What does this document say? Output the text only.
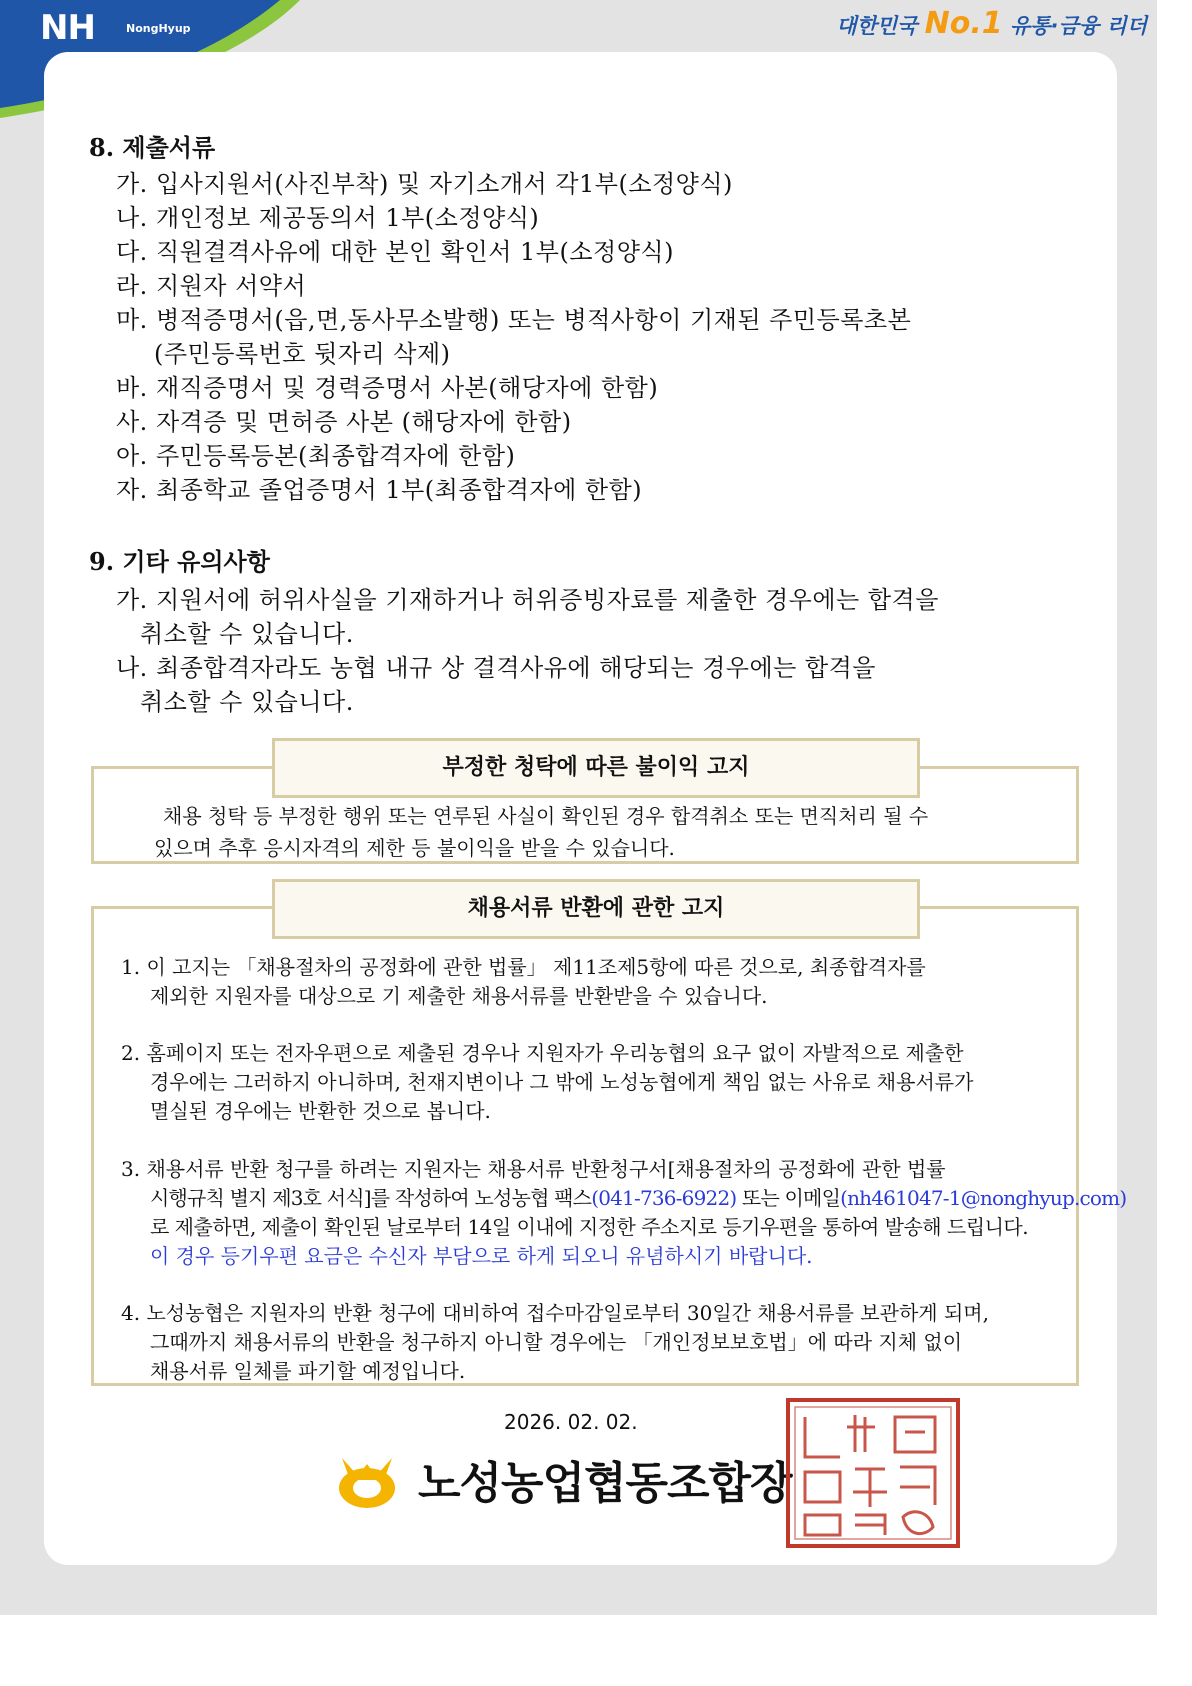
NH	NongHyup	대한민국 No.1 유통·금융 리더
8. 제출서류
가. 입사지원서(사진부착) 및 자기소개서 각1부(소정양식)
나. 개인정보 제공동의서 1부(소정양식)
다. 직원결격사유에 대한 본인 확인서 1부(소정양식)
라. 지원자 서약서
마. 병적증명서(읍,면,동사무소발행) 또는 병적사항이 기재된 주민등록초본
(주민등록번호 뒷자리 삭제)
바. 재직증명서 및 경력증명서 사본(해당자에 한함)
사. 자격증 및 면허증 사본 (해당자에 한함)
아. 주민등록등본(최종합격자에 한함)
자. 최종학교 졸업증명서 1부(최종합격자에 한함)
9. 기타 유의사항
가. 지원서에 허위사실을 기재하거나 허위증빙자료를 제출한 경우에는 합격을
취소할 수 있습니다.
나. 최종합격자라도 농협 내규 상 결격사유에 해당되는 경우에는 합격을
취소할 수 있습니다.
부정한 청탁에 따른 불이익 고지
채용 청탁 등 부정한 행위 또는 연루된 사실이 확인된 경우 합격취소 또는 면직처리 될 수
있으며 추후 응시자격의 제한 등 불이익을 받을 수 있습니다.
채용서류 반환에 관한 고지
1. 이 고지는 「채용절차의 공정화에 관한 법률」 제11조제5항에 따른 것으로, 최종합격자를
제외한 지원자를 대상으로 기 제출한 채용서류를 반환받을 수 있습니다.
2. 홈페이지 또는 전자우편으로 제출된 경우나 지원자가 우리농협의 요구 없이 자발적으로 제출한
경우에는 그러하지 아니하며, 천재지변이나 그 밖에 노성농협에게 책임 없는 사유로 채용서류가
멸실된 경우에는 반환한 것으로 봅니다.
3. 채용서류 반환 청구를 하려는 지원자는 채용서류 반환청구서[채용절차의 공정화에 관한 법률
시행규칙 별지 제3호 서식]를 작성하여 노성농협 팩스(041-736-6922) 또는 이메일(nh461047-1@nonghyup.com)
로 제출하면, 제출이 확인된 날로부터 14일 이내에 지정한 주소지로 등기우편을 통하여 발송해 드립니다.
이 경우 등기우편 요금은 수신자 부담으로 하게 되오니 유념하시기 바랍니다.
4. 노성농협은 지원자의 반환 청구에 대비하여 접수마감일로부터 30일간 채용서류를 보관하게 되며,
그때까지 채용서류의 반환을 청구하지 아니할 경우에는 「개인정보보호법」에 따라 지체 없이
채용서류 일체를 파기할 예정입니다.
2026. 02. 02.
노성농업협동조합장
